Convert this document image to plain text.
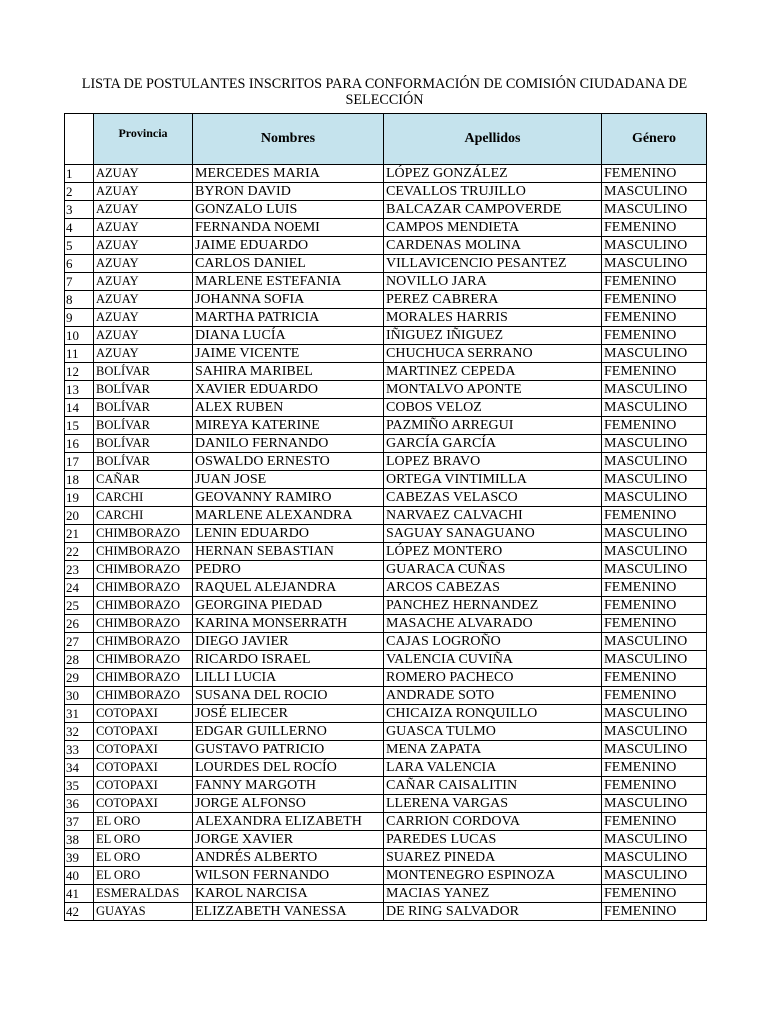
LISTA DE POSTULANTES INSCRITOS PARA CONFORMACIÓN DE COMISIÓN CIUDADANA DE SELECCIÓN
	Provincia	Nombres	Apellidos	Género
1	AZUAY	MERCEDES MARIA	LÓPEZ GONZÁLEZ	FEMENINO
2	AZUAY	BYRON DAVID	CEVALLOS TRUJILLO	MASCULINO
3	AZUAY	GONZALO LUIS	BALCAZAR CAMPOVERDE	MASCULINO
4	AZUAY	FERNANDA NOEMI	CAMPOS MENDIETA	FEMENINO
5	AZUAY	JAIME EDUARDO	CARDENAS MOLINA	MASCULINO
6	AZUAY	CARLOS DANIEL	VILLAVICENCIO PESANTEZ	MASCULINO
7	AZUAY	MARLENE ESTEFANIA	NOVILLO JARA	FEMENINO
8	AZUAY	JOHANNA SOFIA	PEREZ CABRERA	FEMENINO
9	AZUAY	MARTHA PATRICIA	MORALES HARRIS	FEMENINO
10	AZUAY	DIANA LUCÍA	IÑIGUEZ IÑIGUEZ	FEMENINO
11	AZUAY	JAIME VICENTE	CHUCHUCA SERRANO	MASCULINO
12	BOLÍVAR	SAHIRA MARIBEL	MARTINEZ CEPEDA	FEMENINO
13	BOLÍVAR	XAVIER EDUARDO	MONTALVO APONTE	MASCULINO
14	BOLÍVAR	ALEX RUBEN	COBOS VELOZ	MASCULINO
15	BOLÍVAR	MIREYA KATERINE	PAZMIÑO ARREGUI	FEMENINO
16	BOLÍVAR	DANILO FERNANDO	GARCÍA GARCÍA	MASCULINO
17	BOLÍVAR	OSWALDO ERNESTO	LOPEZ BRAVO	MASCULINO
18	CAÑAR	JUAN JOSE	ORTEGA VINTIMILLA	MASCULINO
19	CARCHI	GEOVANNY RAMIRO	CABEZAS VELASCO	MASCULINO
20	CARCHI	MARLENE ALEXANDRA	NARVAEZ CALVACHI	FEMENINO
21	CHIMBORAZO	LENIN EDUARDO	SAGUAY SANAGUANO	MASCULINO
22	CHIMBORAZO	HERNAN SEBASTIAN	LÓPEZ MONTERO	MASCULINO
23	CHIMBORAZO	PEDRO	GUARACA CUÑAS	MASCULINO
24	CHIMBORAZO	RAQUEL ALEJANDRA	ARCOS CABEZAS	FEMENINO
25	CHIMBORAZO	GEORGINA PIEDAD	PANCHEZ HERNANDEZ	FEMENINO
26	CHIMBORAZO	KARINA MONSERRATH	MASACHE ALVARADO	FEMENINO
27	CHIMBORAZO	DIEGO JAVIER	CAJAS LOGROÑO	MASCULINO
28	CHIMBORAZO	RICARDO ISRAEL	VALENCIA CUVIÑA	MASCULINO
29	CHIMBORAZO	LILLI LUCIA	ROMERO PACHECO	FEMENINO
30	CHIMBORAZO	SUSANA DEL ROCIO	ANDRADE SOTO	FEMENINO
31	COTOPAXI	JOSÉ ELIECER	CHICAIZA RONQUILLO	MASCULINO
32	COTOPAXI	EDGAR GUILLERNO	GUASCA TULMO	MASCULINO
33	COTOPAXI	GUSTAVO PATRICIO	MENA ZAPATA	MASCULINO
34	COTOPAXI	LOURDES DEL ROCÍO	LARA VALENCIA	FEMENINO
35	COTOPAXI	FANNY MARGOTH	CAÑAR CAISALITIN	FEMENINO
36	COTOPAXI	JORGE ALFONSO	LLERENA VARGAS	MASCULINO
37	EL ORO	ALEXANDRA ELIZABETH	CARRION CORDOVA	FEMENINO
38	EL ORO	JORGE XAVIER	PAREDES LUCAS	MASCULINO
39	EL ORO	ANDRÉS ALBERTO	SUAREZ PINEDA	MASCULINO
40	EL ORO	WILSON FERNANDO	MONTENEGRO ESPINOZA	MASCULINO
41	ESMERALDAS	KAROL NARCISA	MACIAS YANEZ	FEMENINO
42	GUAYAS	ELIZZABETH VANESSA	DE RING SALVADOR	FEMENINO
